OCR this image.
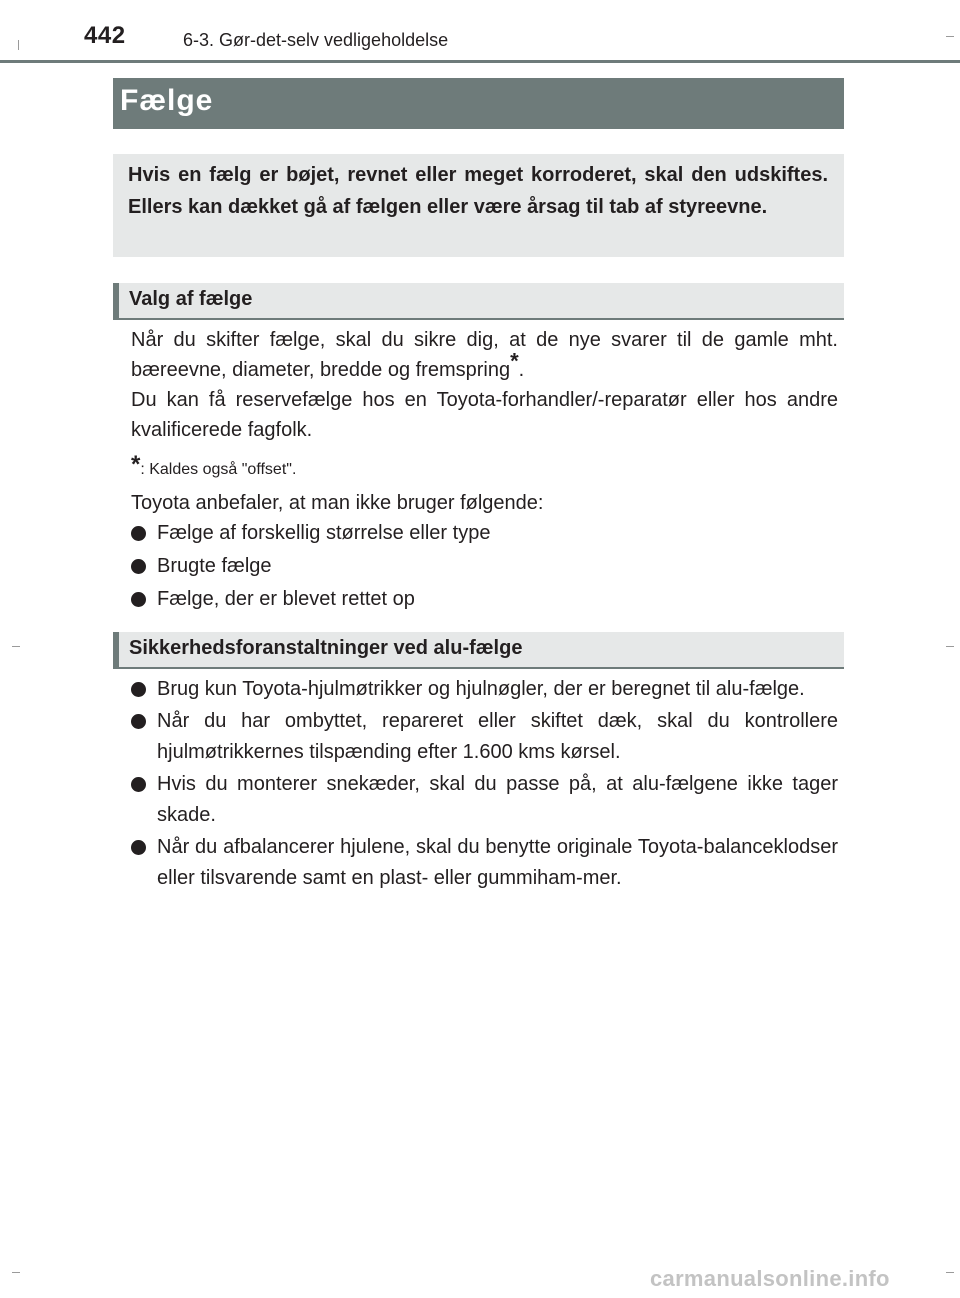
442	6-3. Gør-det-selv vedligeholdelse
Fælge
Hvis en fælg er bøjet, revnet eller meget korroderet, skal den udskiftes. Ellers kan dækket gå af fælgen eller være årsag til tab af styreevne.
Valg af fælge
Når du skifter fælge, skal du sikre dig, at de nye svarer til de gamle mht. bæreevne, diameter, bredde og fremspring*.
Du kan få reservefælge hos en Toyota-forhandler/-reparatør eller hos andre kvalificerede fagfolk.
*: Kaldes også "offset".
Toyota anbefaler, at man ikke bruger følgende:
Fælge af forskellig størrelse eller type
Brugte fælge
Fælge, der er blevet rettet op
Sikkerhedsforanstaltninger ved alu-fælge
Brug kun Toyota-hjulmøtrikker og hjulnøgler, der er beregnet til alu-fælge.
Når du har ombyttet, repareret eller skiftet dæk, skal du kontrollere hjulmøtrikkernes tilspænding efter 1.600 kms kørsel.
Hvis du monterer snekæder, skal du passe på, at alu-fælgene ikke tager skade.
Når du afbalancerer hjulene, skal du benytte originale Toyota-balanceklodser eller tilsvarende samt en plast- eller gummiham-mer.
carmanualsonline.info
